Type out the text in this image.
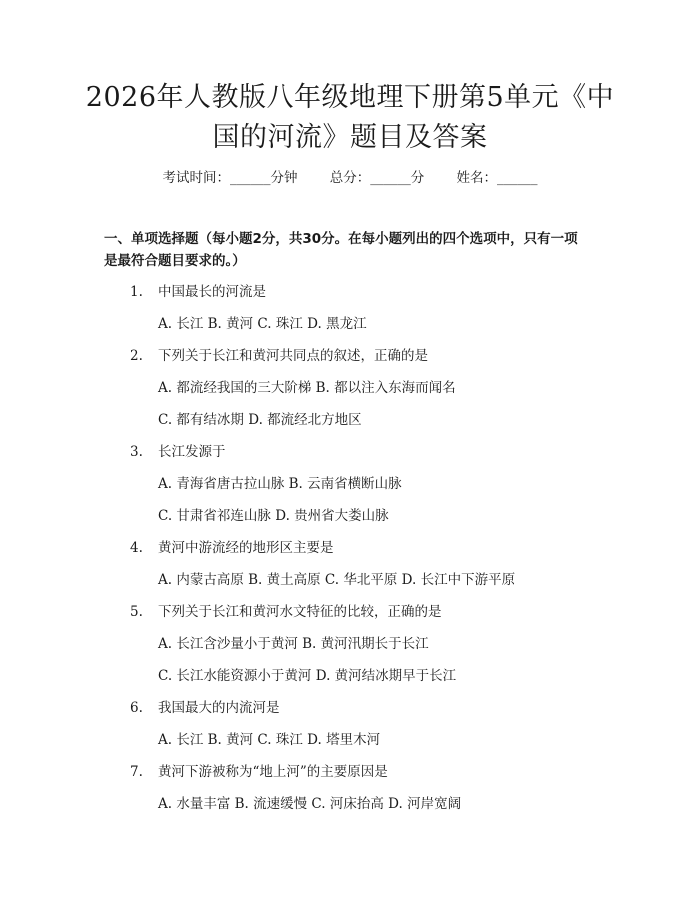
2026年人教版八年级地理下册第5单元《中
国的河流》题目及答案
考试时间：______分钟 总分：______分 姓名：______
一、单项选择题（每小题2分，共30分。在每小题列出的四个选项中，只有一项
是最符合题目要求的。）
1. 中国最长的河流是
A. 长江 B. 黄河 C. 珠江 D. 黑龙江
2. 下列关于长江和黄河共同点的叙述，正确的是
A. 都流经我国的三大阶梯 B. 都以注入东海而闻名
C. 都有结冰期 D. 都流经北方地区
3. 长江发源于
A. 青海省唐古拉山脉 B. 云南省横断山脉
C. 甘肃省祁连山脉 D. 贵州省大娄山脉
4. 黄河中游流经的地形区主要是
A. 内蒙古高原 B. 黄土高原 C. 华北平原 D. 长江中下游平原
5. 下列关于长江和黄河水文特征的比较，正确的是
A. 长江含沙量小于黄河 B. 黄河汛期长于长江
C. 长江水能资源小于黄河 D. 黄河结冰期早于长江
6. 我国最大的内流河是
A. 长江 B. 黄河 C. 珠江 D. 塔里木河
7. 黄河下游被称为“地上河”的主要原因是
A. 水量丰富 B. 流速缓慢 C. 河床抬高 D. 河岸宽阔
